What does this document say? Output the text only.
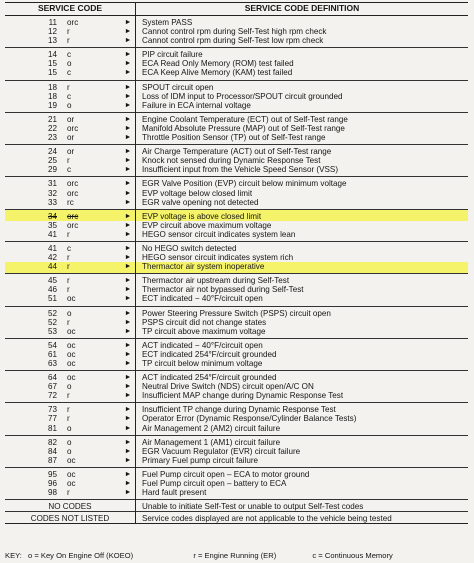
SERVICE CODE			SERVICE CODE DEFINITION
11	orc	►	System PASS
12	r	►	Cannot control rpm during Self-Test high rpm check
13	r	►	Cannot control rpm during Self-Test low rpm check
14	c	►	PIP circuit failure
15	o	►	ECA Read Only Memory (ROM) test failed
15	c	►	ECA Keep Alive Memory (KAM) test failed
18	r	►	SPOUT circuit open
18	c	►	Loss of IDM input to Processor/SPOUT circuit grounded
19	o	►	Failure in ECA internal voltage
21	or	►	Engine Coolant Temperature (ECT) out of Self-Test range
22	orc	►	Manifold Absolute Pressure (MAP) out of Self-Test range
23	or	►	Throttle Position Sensor (TP) out of Self-Test range
24	or	►	Air Charge Temperature (ACT) out of Self-Test range
25	r	►	Knock not sensed during Dynamic Response Test
29	c	►	Insufficient input from the Vehicle Speed Sensor (VSS)
31	orc	►	EGR Valve Position (EVP) circuit below minimum voltage
32	orc	►	EVP voltage below closed limit
33	rc	►	EGR valve opening not detected
34	orc	►	EVP voltage is above closed limit
35	orc	►	EVP circuit above maximum voltage
41	r	►	HEGO sensor circuit indicates system lean
41	c	►	No HEGO switch detected
42	r	►	HEGO sensor circuit indicates system rich
44	r	►	Thermactor air system inoperative
45	r	►	Thermactor air upstream during Self-Test
46	r	►	Thermactor air not bypassed during Self-Test
51	oc	►	ECT indicated − 40°F/circuit open
52	o	►	Power Steering Pressure Switch (PSPS) circuit open
52	r	►	PSPS circuit did not change states
53	oc	►	TP circuit above maximum voltage
54	oc	►	ACT indicated − 40°F/circuit open
61	oc	►	ECT indicated 254°F/circuit grounded
63	oc	►	TP circuit below minimum voltage
64	oc	►	ACT indicated 254°F/circuit grounded
67	o	►	Neutral Drive Switch (NDS) circuit open/A/C ON
72	r	►	Insufficient MAP change during Dynamic Response Test
73	r	►	Insufficient TP change during Dynamic Response Test
77	r	►	Operator Error (Dynamic Response/Cylinder Balance Tests)
81	o	►	Air Management 2 (AM2) circuit failure
82	o	►	Air Management 1 (AM1) circuit failure
84	o	►	EGR Vacuum Regulator (EVR) circuit failure
87	oc	►	Primary Fuel pump circuit failure
95	oc	►	Fuel Pump circuit open – ECA to motor ground
96	oc	►	Fuel Pump circuit open – battery to ECA
98	r	►	Hard fault present
NO CODES			Unable to initiate Self-Test or unable to output Self-Test codes
CODES NOT LISTED			Service codes displayed are not applicable to the vehicle being tested
KEY: o = Key On Engine Off (KOEO)	r = Engine Running (ER)	c = Continuous Memory
